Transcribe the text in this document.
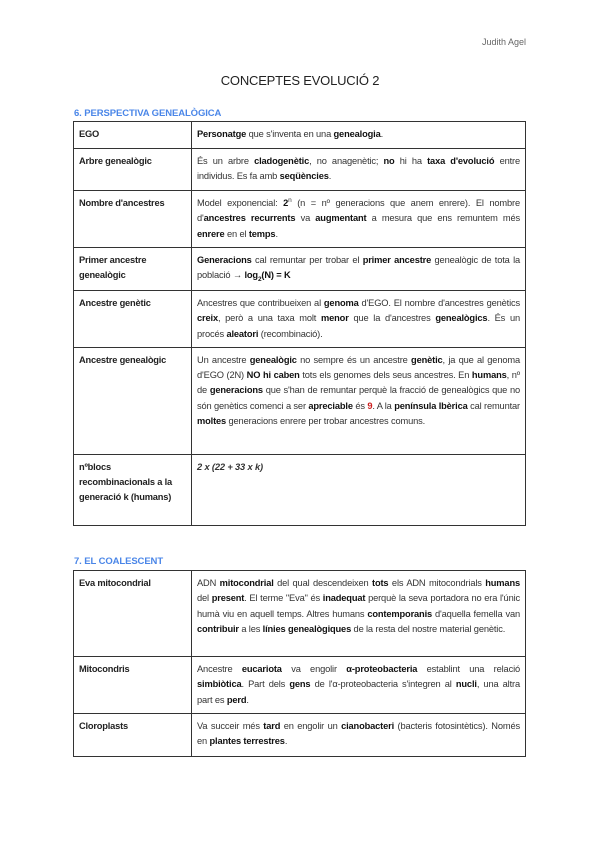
Judith Agel
CONCEPTES EVOLUCIÓ 2
6. PERSPECTIVA GENEALÒGICA
EGO	Personatge que s'inventa en una genealogia.
Arbre genealògic	És un arbre cladogenètic, no anagenètic; no hi ha taxa d'evolució entre individus. Es fa amb seqüències.
Nombre d'ancestres	Model exponencial: 2$^n$ (n = nº generacions que anem enrere). El nombre d'ancestres recurrents va augmentant a mesura que ens remuntem més enrere en el temps.
Primer ancestre genealògic	Generacions cal remuntar per trobar el primer ancestre genealògic de tota la població → $\log_2(N) = K$
Ancestre genètic	Ancestres que contribueixen al genoma d'EGO. El nombre d'ancestres genètics creix, però a una taxa molt menor que la d'ancestres genealògics. És un procés aleatori (recombinació).
Ancestre genealògic	Un ancestre genealògic no sempre és un ancestre genètic, ja que al genoma d'EGO (2N) NO hi caben tots els genomes dels seus ancestres. En humans, nº de generacions que s'han de remuntar perquè la fracció de genealògics que no són genètics comenci a ser apreciable és 9. A la península Ibèrica cal remuntar moltes generacions enrere per trobar ancestres comuns.
nºblocs recombinacionals a la generació k (humans)	2 x (22 + 33 x k)
7. EL COALESCENT
Eva mitocondrial	ADN mitocondrial del qual descendeixen tots els ADN mitocondrials humans del present. El terme "Eva" és inadequat perquè la seva portadora no era l'únic humà viu en aquell temps. Altres humans contemporanis d'aquella femella van contribuir a les línies genealògiques de la resta del nostre material genètic.
Mitocondris	Ancestre eucariota va engolir α-proteobacteria establint una relació simbiòtica. Part dels gens de l'α-proteobacteria s'integren al nucli, una altra part es perd.
Cloroplasts	Va succeir més tard en engolir un cianobacteri (bacteris fotosintètics). Només en plantes terrestres.
